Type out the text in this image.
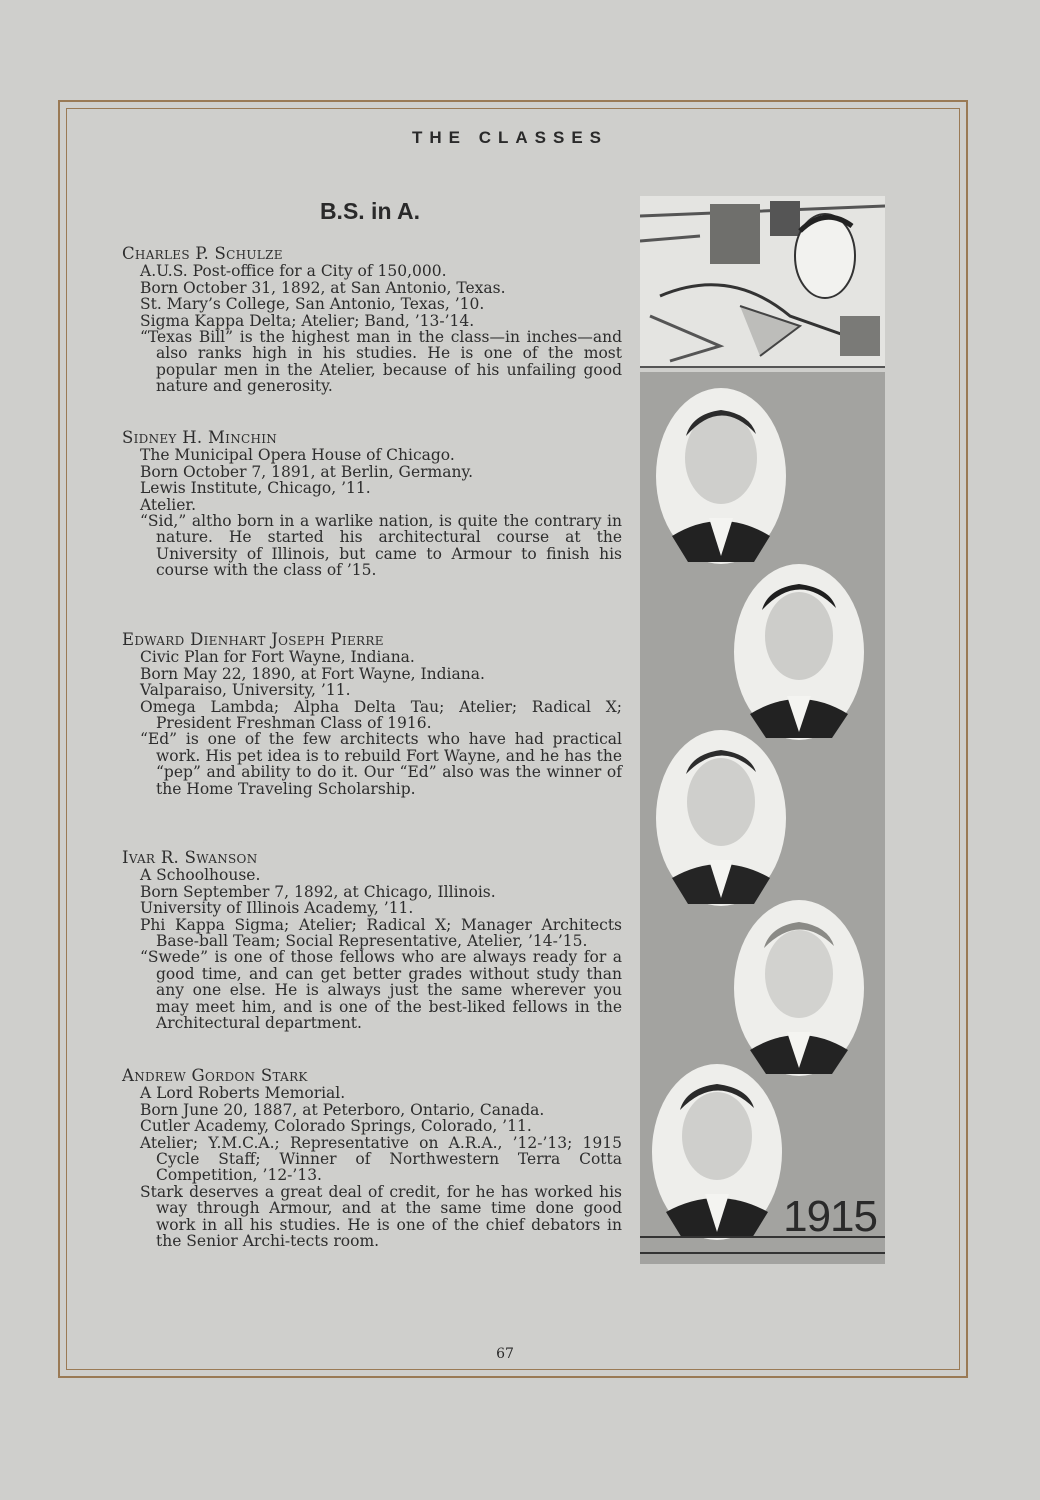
THE CLASSES
B.S. in A.
Charles P. Schulze
A.U.S. Post-office for a City of 150,000.
Born October 31, 1892, at San Antonio, Texas.
St. Mary’s College, San Antonio, Texas, ’10.
Sigma Kappa Delta; Atelier; Band, ’13-’14.
“Texas Bill” is the highest man in the class—in inches—and also ranks high in his studies. He is one of the most popular men in the Atelier, because of his unfailing good nature and generosity.
Sidney H. Minchin
The Municipal Opera House of Chicago.
Born October 7, 1891, at Berlin, Germany.
Lewis Institute, Chicago, ’11.
Atelier.
“Sid,” altho born in a warlike nation, is quite the contrary in nature. He started his architectural course at the University of Illinois, but came to Armour to finish his course with the class of ’15.
Edward Dienhart Joseph Pierre
Civic Plan for Fort Wayne, Indiana.
Born May 22, 1890, at Fort Wayne, Indiana.
Valparaiso, University, ’11.
Omega Lambda; Alpha Delta Tau; Atelier; Radical X; President Freshman Class of 1916.
“Ed” is one of the few architects who have had practical work. His pet idea is to rebuild Fort Wayne, and he has the “pep” and ability to do it. Our “Ed” also was the winner of the Home Traveling Scholarship.
Ivar R. Swanson
A Schoolhouse.
Born September 7, 1892, at Chicago, Illinois.
University of Illinois Academy, ’11.
Phi Kappa Sigma; Atelier; Radical X; Manager Architects Base-ball Team; Social Representative, Atelier, ’14-’15.
“Swede” is one of those fellows who are always ready for a good time, and can get better grades without study than any one else. He is always just the same wherever you may meet him, and is one of the best-liked fellows in the Architectural department.
Andrew Gordon Stark
A Lord Roberts Memorial.
Born June 20, 1887, at Peterboro, Ontario, Canada.
Cutler Academy, Colorado Springs, Colorado, ’11.
Atelier; Y.M.C.A.; Representative on A.R.A., ’12-’13; 1915 Cycle Staff; Winner of Northwestern Terra Cotta Competition, ’12-’13.
Stark deserves a great deal of credit, for he has worked his way through Armour, and at the same time done good work in all his studies. He is one of the chief debators in the Senior Archi-tects room.
1915
67
